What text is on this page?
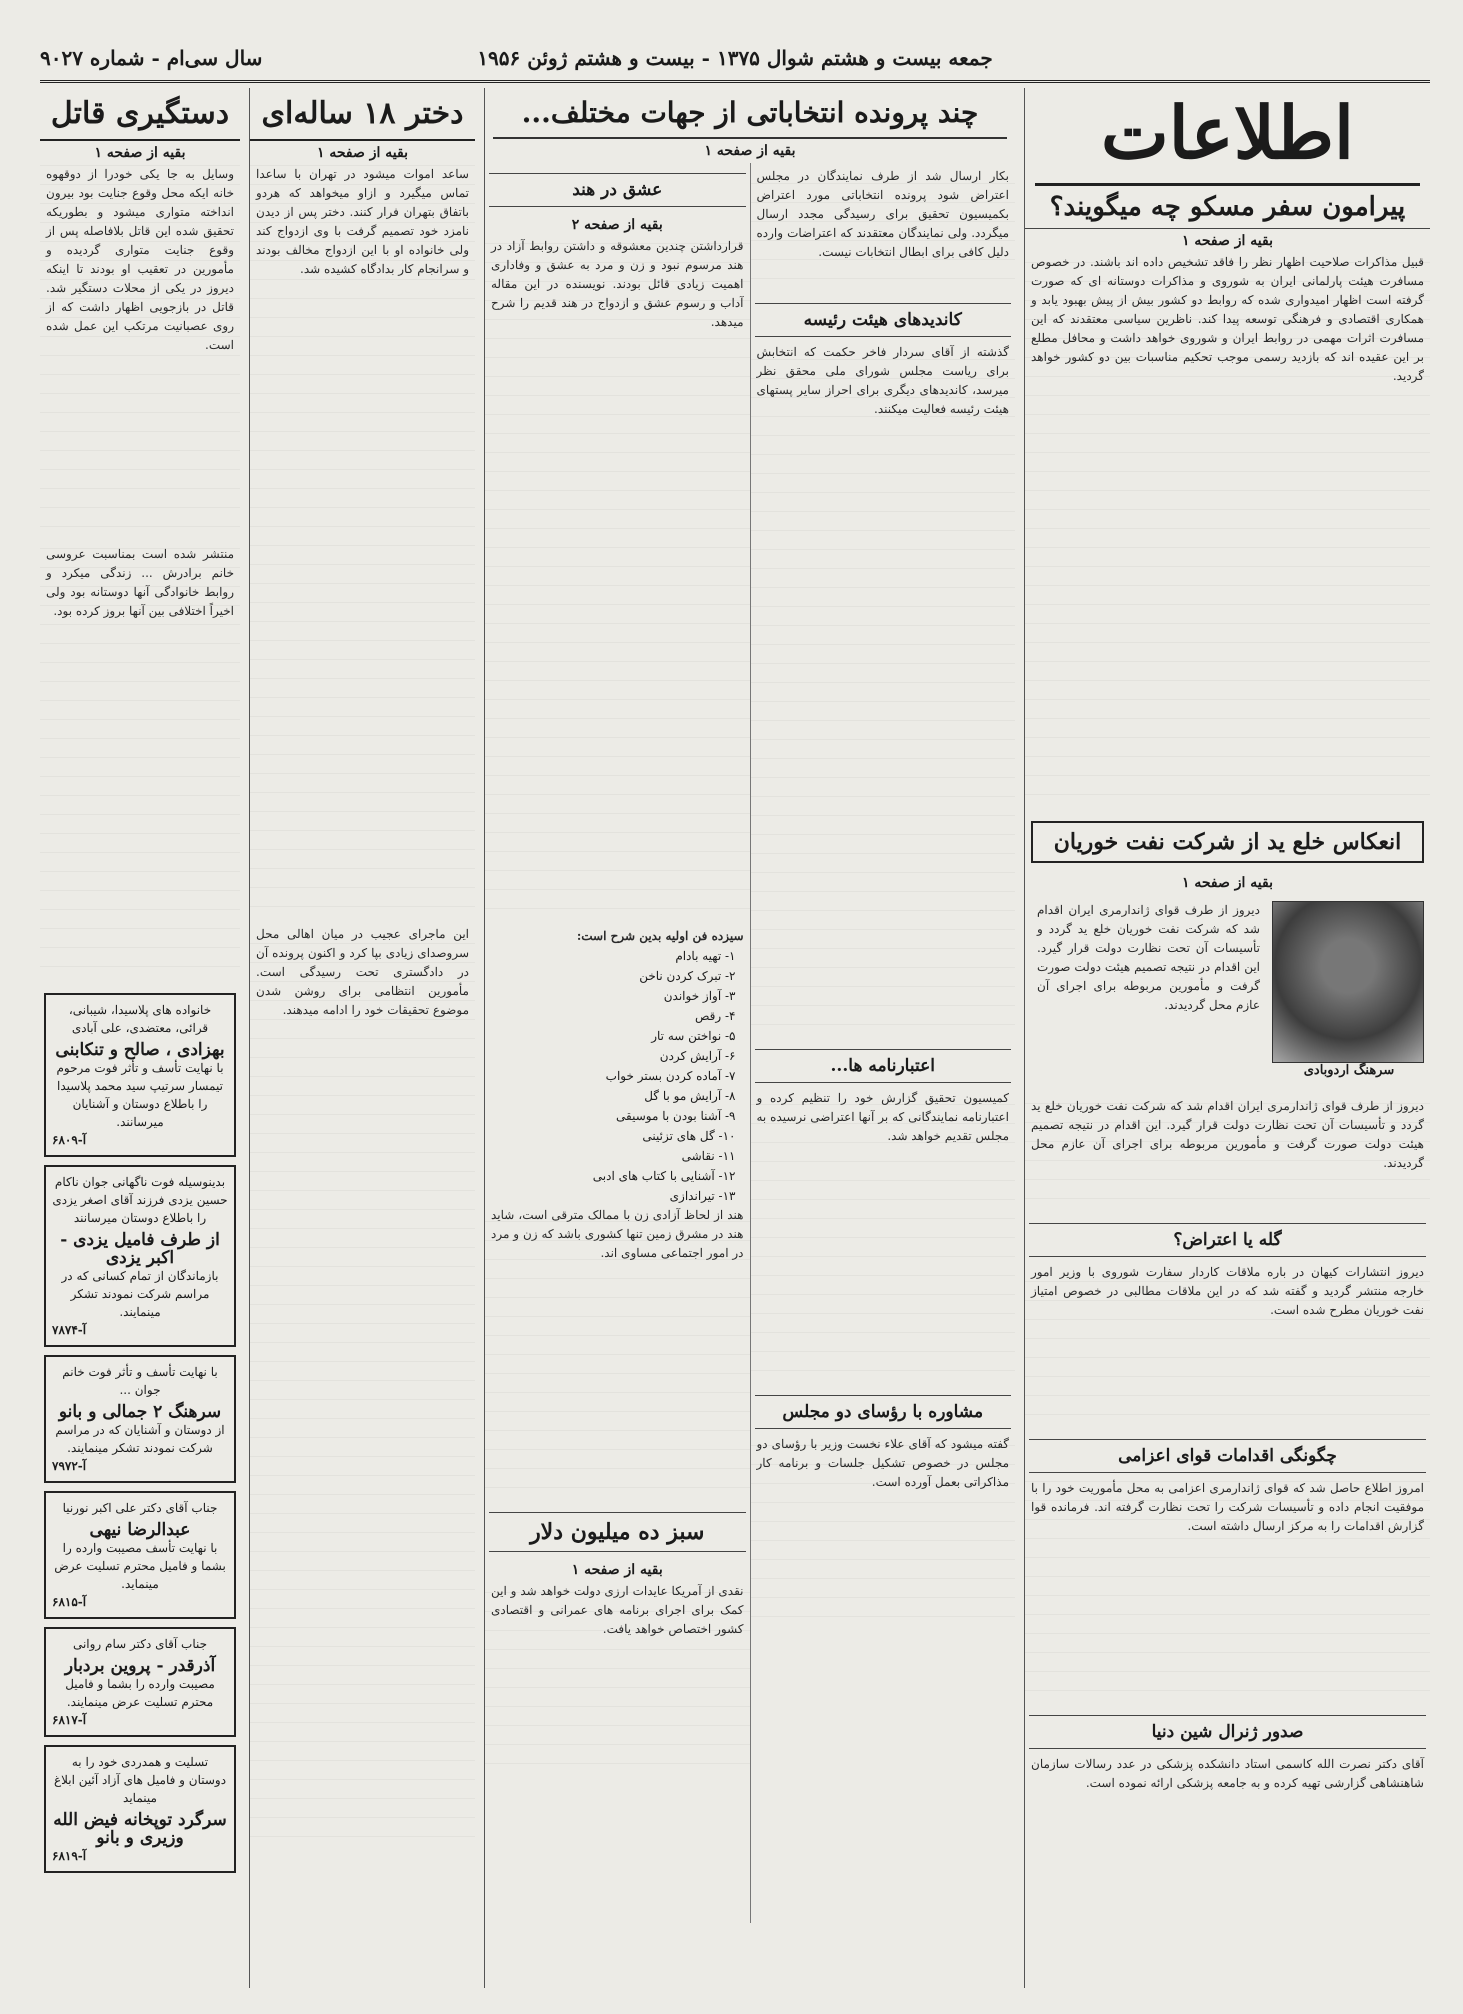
جمعه بیست و هشتم شوال ۱۳۷۵ - بیست و هشتم ژوئن ۱۹۵۶
سال سی‌ام - شماره ۹۰۲۷
اطلاعات
پیرامون سفر مسکو چه میگویند؟
بقیه از صفحه ۱
قبیل مذاکرات صلاحیت اظهار نظر را فاقد تشخیص داده اند باشند. در خصوص مسافرت هیئت پارلمانی ایران به شوروی و مذاکرات دوستانه ای که صورت گرفته است اظهار امیدواری شده که روابط دو کشور بیش از پیش بهبود یابد و همکاری اقتصادی و فرهنگی توسعه پیدا کند. ناظرین سیاسی معتقدند که این مسافرت اثرات مهمی در روابط ایران و شوروی خواهد داشت و محافل مطلع بر این عقیده اند که بازدید رسمی موجب تحکیم مناسبات بین دو کشور خواهد گردید.
انعکاس خلع ید از شرکت نفت خوریان
بقیه از صفحه ۱
سرهنگ اردوبادی
دیروز از طرف قوای ژاندارمری ایران اقدام شد که شرکت نفت خوریان خلع ید گردد و تأسیسات آن تحت نظارت دولت قرار گیرد. این اقدام در نتیجه تصمیم هیئت دولت صورت گرفت و مأمورین مربوطه برای اجرای آن عازم محل گردیدند.
دیروز از طرف قوای ژاندارمری ایران اقدام شد که شرکت نفت خوریان خلع ید گردد و تأسیسات آن تحت نظارت دولت قرار گیرد. این اقدام در نتیجه تصمیم هیئت دولت صورت گرفت و مأمورین مربوطه برای اجرای آن عازم محل گردیدند.
گله یا اعتراض؟
دیروز انتشارات کیهان در باره ملاقات کاردار سفارت شوروی با وزیر امور خارجه منتشر گردید و گفته شد که در این ملاقات مطالبی در خصوص امتیاز نفت خوریان مطرح شده است.
چگونگی اقدامات قوای اعزامی
امروز اطلاع حاصل شد که قوای ژاندارمری اعزامی به محل مأموریت خود را با موفقیت انجام داده و تأسیسات شرکت را تحت نظارت گرفته اند. فرمانده قوا گزارش اقدامات را به مرکز ارسال داشته است.
صدور ژنرال شین دنیا
آقای دکتر نصرت الله کاسمی استاد دانشکده پزشکی در عدد رسالات سازمان شاهنشاهی گزارشی تهیه کرده و به جامعه پزشکی ارائه نموده است.
چند پرونده انتخاباتی از جهات مختلف...
بقیه از صفحه ۱
بکار ارسال شد از طرف نمایندگان در مجلس اعتراض شود پرونده انتخاباتی مورد اعتراض بکمیسیون تحقیق برای رسیدگی مجدد ارسال میگردد. ولی نمایندگان معتقدند که اعتراضات وارده دلیل کافی برای ابطال انتخابات نیست.
کاندیدهای هیئت رئیسه
گذشته از آقای سردار فاخر حکمت که انتخابش برای ریاست مجلس شورای ملی محقق نظر میرسد، کاندیدهای دیگری برای احراز سایر پستهای هیئت رئیسه فعالیت میکنند.
اعتبارنامه ها...
کمیسیون تحقیق گزارش خود را تنظیم کرده و اعتبارنامه نمایندگانی که بر آنها اعتراضی نرسیده به مجلس تقدیم خواهد شد.
مشاوره با رؤسای دو مجلس
گفته میشود که آقای علاء نخست وزیر با رؤسای دو مجلس در خصوص تشکیل جلسات و برنامه کار مذاکراتی بعمل آورده است.
عشق در هند
بقیه از صفحه ۲
قرارداشتن چندین معشوقه و داشتن روابط آزاد در هند مرسوم نبود و زن و مرد به عشق و وفاداری اهمیت زیادی قائل بودند. نویسنده در این مقاله آداب و رسوم عشق و ازدواج در هند قدیم را شرح میدهد.
سیزده فن اولیه بدین شرح است:
۱- تهیه بادام
۲- تبرک کردن ناخن
۳- آواز خواندن
۴- رقص
۵- نواختن سه تار
۶- آرایش کردن
۷- آماده کردن بستر خواب
۸- آرایش مو با گل
۹- آشنا بودن با موسیقی
۱۰- گل های تزئینی
۱۱- نقاشی
۱۲- آشنایی با کتاب های ادبی
۱۳- تیراندازی
هند از لحاظ آزادی زن با ممالک مترقی است، شاید هند در مشرق زمین تنها کشوری باشد که زن و مرد در امور اجتماعی مساوی اند.
سبز ده میلیون دلار
بقیه از صفحه ۱
نقدی از آمریکا عایدات ارزی دولت خواهد شد و این کمک برای اجرای برنامه های عمرانی و اقتصادی کشور اختصاص خواهد یافت.
دختر ۱۸ ساله‌ای
بقیه از صفحه ۱
ساعد اموات میشود در تهران با ساعدا تماس میگیرد و ازاو میخواهد که هردو باتفاق بتهران فرار کنند. دختر پس از دیدن نامزد خود تصمیم گرفت با وی ازدواج کند ولی خانواده او با این ازدواج مخالف بودند و سرانجام کار بدادگاه کشیده شد.
این ماجرای عجیب در میان اهالی محل سروصدای زیادی بپا کرد و اکنون پرونده آن در دادگستری تحت رسیدگی است. مأمورین انتظامی برای روشن شدن موضوع تحقیقات خود را ادامه میدهند.
دستگیری قاتل
بقیه از صفحه ۱
وسایل به جا یکی خودرا از دوقهوه خانه ایکه محل وقوع جنایت بود بیرون انداخته متواری میشود و بطوریکه تحقیق شده این قاتل بلافاصله پس از وقوع جنایت متواری گردیده و مأمورین در تعقیب او بودند تا اینکه دیروز در یکی از محلات دستگیر شد. قاتل در بازجویی اظهار داشت که از روی عصبانیت مرتکب این عمل شده است.
منتشر شده است بمناسبت عروسی خانم برادرش ... زندگی میکرد و روابط خانوادگی آنها دوستانه بود ولی اخیراً اختلافی بین آنها بروز کرده بود.
خانواده های پلاسیدا، شیبانی، قرائی، معتضدی، علی آبادی
بهزادی ، صالح و تنکابنی
با نهایت تأسف و تأثر فوت مرحوم تیمسار سرتیپ سید محمد پلاسیدا را باطلاع دوستان و آشنایان میرسانند.
آ-۶۸۰۹
بدینوسیله فوت ناگهانی جوان ناکام حسین یزدی فرزند آقای اصغر یزدی را باطلاع دوستان میرسانند
از طرف فامیل یزدی - اکبر یزدی
بازماندگان از تمام کسانی که در مراسم شرکت نمودند تشکر مینمایند.
آ-۷۸۷۴
با نهایت تأسف و تأثر فوت خانم جوان ...
سرهنگ ۲ جمالی و بانو
از دوستان و آشنایان که در مراسم شرکت نمودند تشکر مینمایند.
آ-۷۹۷۲
جناب آقای دکتر علی اکبر نورنیا
عبدالرضا نیهی
با نهایت تأسف مصیبت وارده را بشما و فامیل محترم تسلیت عرض مینماید.
آ-۶۸۱۵
جناب آقای دکتر سام روانی
آذرقدر - پروین بردبار
مصیبت وارده را بشما و فامیل محترم تسلیت عرض مینمایند.
آ-۶۸۱۷
تسلیت و همدردی خود را به دوستان و فامیل های آزاد آئین ابلاغ مینماید
سرگرد توپخانه فیض الله وزیری و بانو
آ-۶۸۱۹
